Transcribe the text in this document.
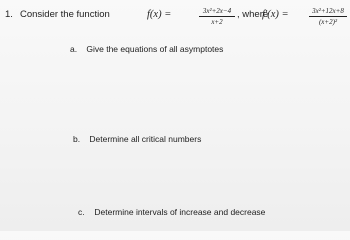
1. Consider the function	f(x) =	3x²+2x−4
x+2
, where
f′(x) =	3x²+12x+8
(x+2)²
a. Give the equations of all asymptotes
b. Determine all critical numbers
c. Determine intervals of increase and decrease
